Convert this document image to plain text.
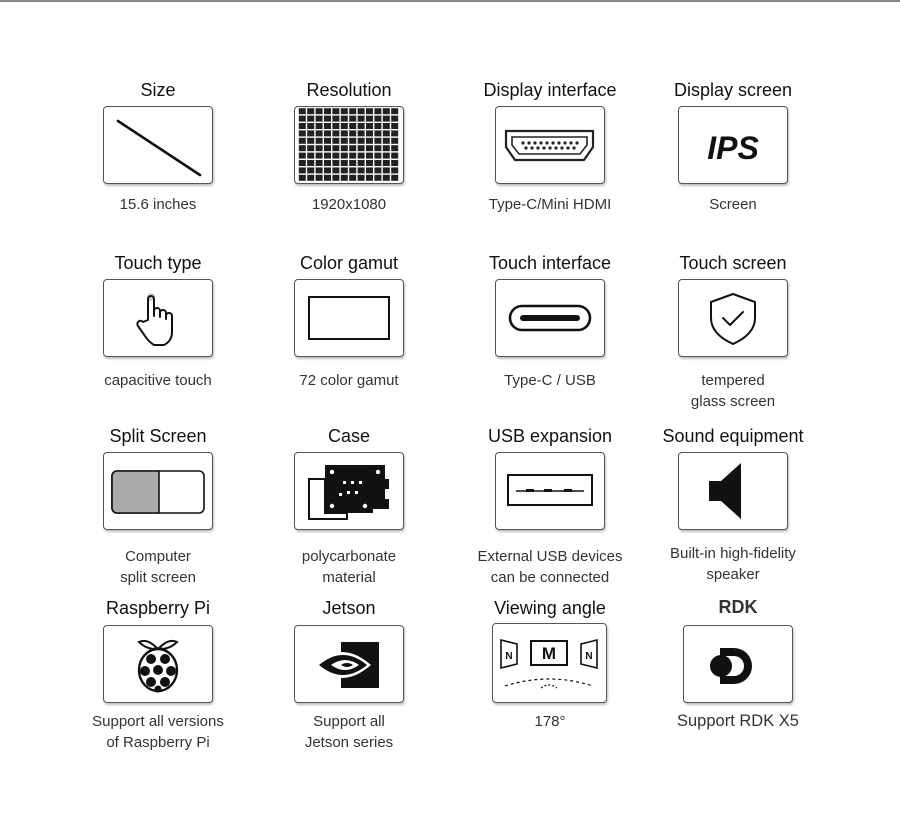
Size
15.6 inches
Resolution
1920x1080
Display interface
Type-C/Mini HDMI
Display screen
IPS
Screen
Touch type
capacitive touch
Color gamut
72 color gamut
Touch interface
Type-C / USB
Touch screen
tempered
glass screen
Split Screen
Computer
split screen
Case
polycarbonate
material
USB expansion
External USB devices
can be connected
Sound equipment
Built-in high-fidelity
speaker
Raspberry Pi
Support all versions
of Raspberry Pi
Jetson
Support all
Jetson series
Viewing angle
N M	N
178°
RDK
Support RDK X5
